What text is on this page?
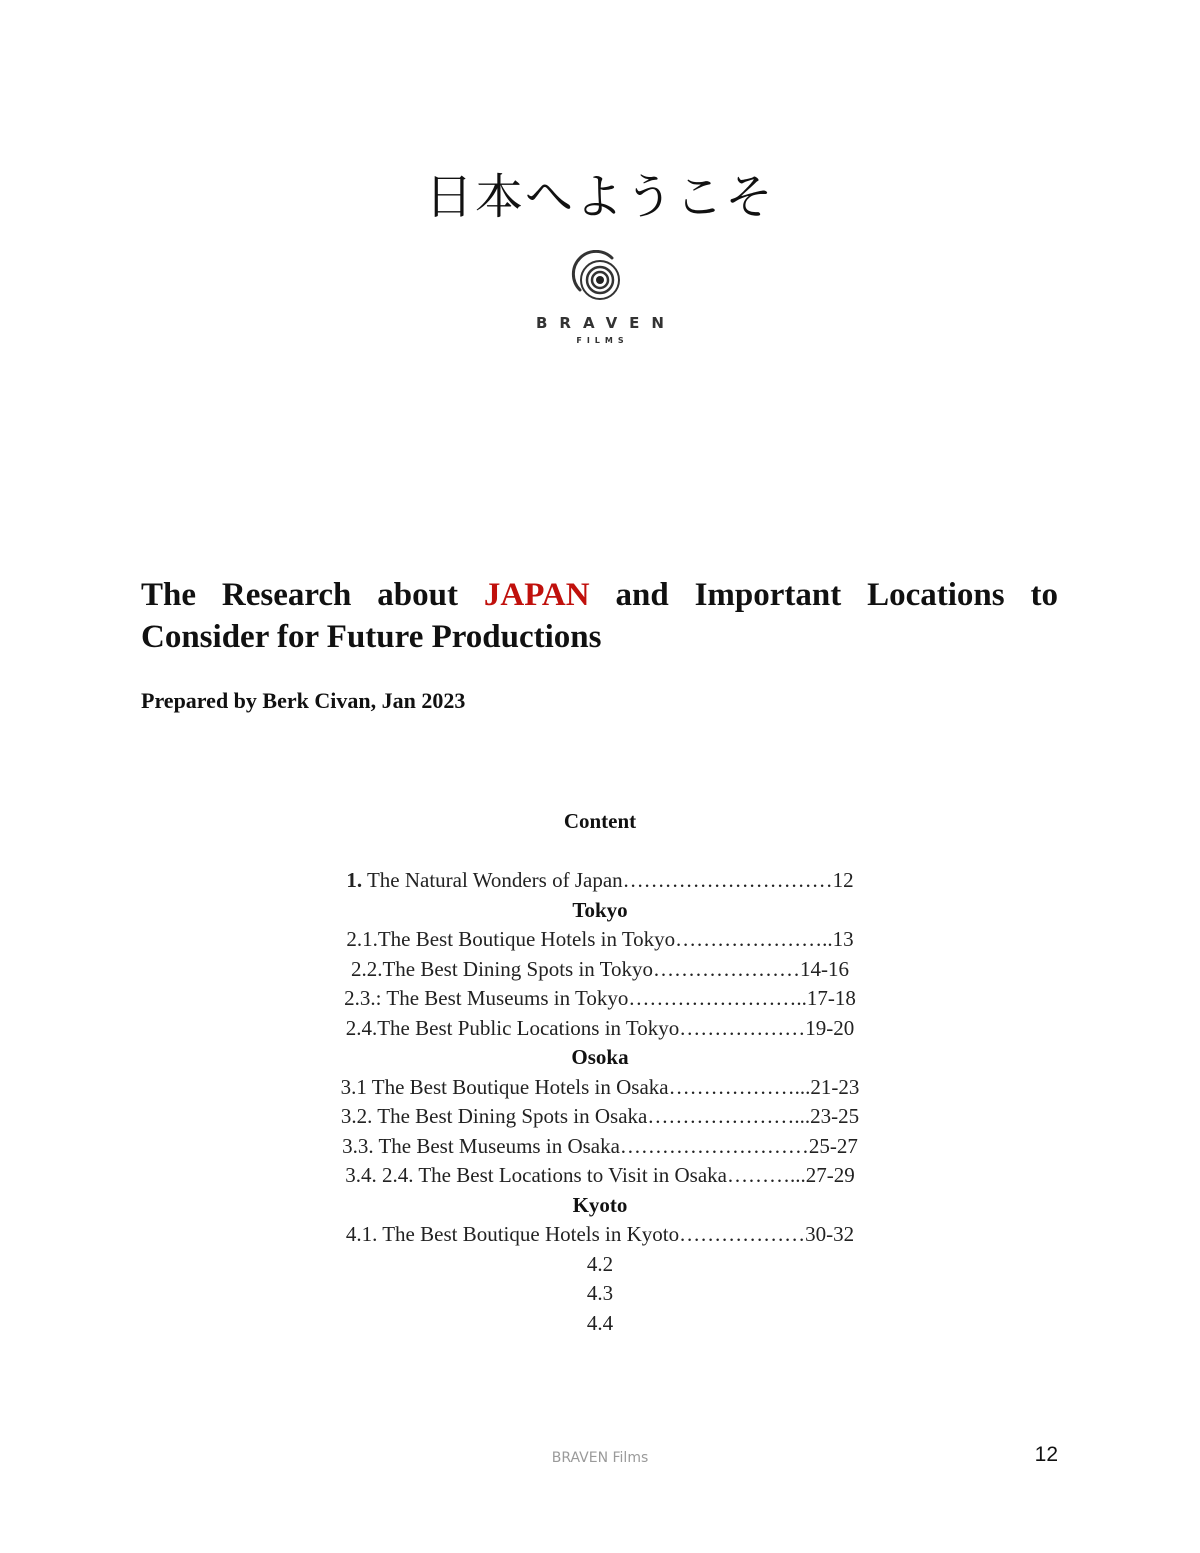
日本へようこそ
BRAVEN
FILMS
The Research about JAPAN and Important Locations to Consider for Future Productions
Prepared by Berk Civan, Jan 2023
Content
1. The Natural Wonders of Japan…………………………12
Tokyo
2.1.The Best Boutique Hotels in Tokyo…………………..13
2.2.The Best Dining Spots in Tokyo…………………14-16
2.3.: The Best Museums in Tokyo……………………..17-18
2.4.The Best Public Locations in Tokyo………………19-20
Osoka
3.1 The Best Boutique Hotels in Osaka………………...21-23
3.2. The Best Dining Spots in Osaka…………………...23-25
3.3. The Best Museums in Osaka………………………25-27
3.4. 2.4. The Best Locations to Visit in Osaka………...27-29
Kyoto
4.1. The Best Boutique Hotels in Kyoto………………30-32
4.2
4.3
4.4
BRAVEN Films	12
